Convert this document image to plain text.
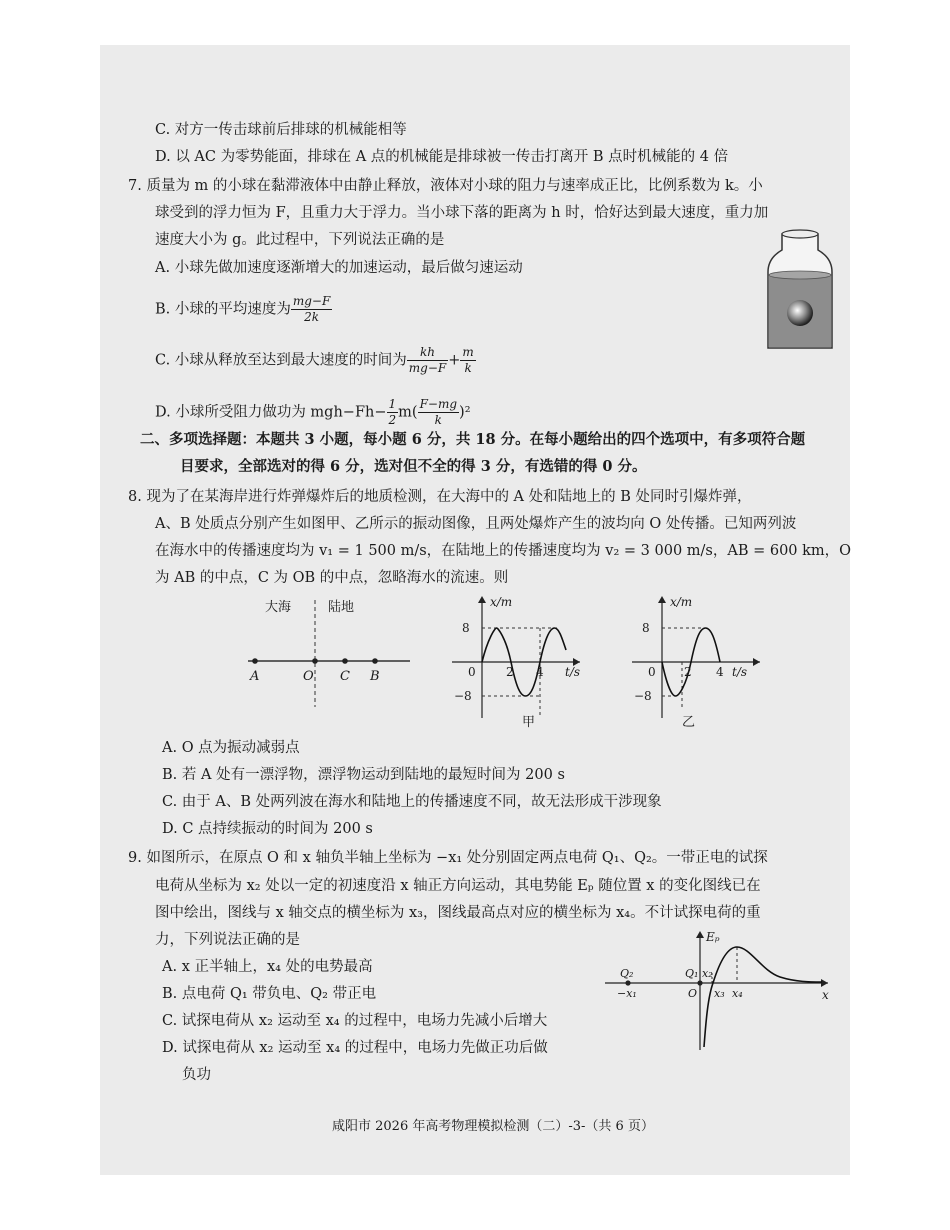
C. 对方一传击球前后排球的机械能相等
D. 以 AC 为零势能面，排球在 A 点的机械能是排球被一传击打离开 B 点时机械能的 4 倍
7. 质量为 m 的小球在黏滞液体中由静止释放，液体对小球的阻力与速率成正比，比例系数为 k。小
球受到的浮力恒为 F，且重力大于浮力。当小球下落的距离为 h 时，恰好达到最大速度，重力加
速度大小为 g。此过程中，下列说法正确的是
A. 小球先做加速度逐渐增大的加速运动，最后做匀速运动
B. 小球的平均速度为 $\frac{mg-F}{2k}$
C. 小球从释放至达到最大速度的时间为 $\frac{kh}{mg-F} + \frac{m}{k}$
D. 小球所受阻力做功为 $mgh-Fh- \frac{1}{2} m( \frac{F-mg}{k} )^2$
二、多项选择题：本题共 3 小题，每小题 6 分，共 18 分。在每小题给出的四个选项中，有多项符合题
目要求，全部选对的得 6 分，选对但不全的得 3 分，有选错的得 0 分。
8. 现为了在某海岸进行炸弹爆炸后的地质检测，在大海中的 A 处和陆地上的 B 处同时引爆炸弹，
A、B 处质点分别产生如图甲、乙所示的振动图像，且两处爆炸产生的波均向 O 处传播。已知两列波
在海水中的传播速度均为 v₁ = 1 500 m/s，在陆地上的传播速度均为 v₂ = 3 000 m/s，AB = 600 km，O
为 AB 的中点，C 为 OB 的中点，忽略海水的流速。则
大海	陆地
A	O C B
x/m
t/s
8
−8
0	2 4
甲
x/m
t/s
8
−8
0 2 4
乙
A. O 点为振动减弱点
B. 若 A 处有一漂浮物，漂浮物运动到陆地的最短时间为 200 s
C. 由于 A、B 处两列波在海水和陆地上的传播速度不同，故无法形成干涉现象
D. C 点持续振动的时间为 200 s
9. 如图所示，在原点 O 和 x 轴负半轴上坐标为 −x₁ 处分别固定两点电荷 Q₁、Q₂。一带正电的试探
电荷从坐标为 x₂ 处以一定的初速度沿 x 轴正方向运动，其电势能 Eₚ 随位置 x 的变化图线已在
图中绘出，图线与 x 轴交点的横坐标为 x₃，图线最高点对应的横坐标为 x₄。不计试探电荷的重
力，下列说法正确的是
A. x 正半轴上，x₄ 处的电势最高
B. 点电荷 Q₁ 带负电、Q₂ 带正电
C. 试探电荷从 x₂ 运动至 x₄ 的过程中，电场力先减小后增大
D. 试探电荷从 x₂ 运动至 x₄ 的过程中，电场力先做正功后做
负功
Eₚ
x
Q₂	Q₁
−x₁	O
x₂
x₃ x₄
咸阳市 2026 年高考物理模拟检测（二）-3-（共 6 页）
